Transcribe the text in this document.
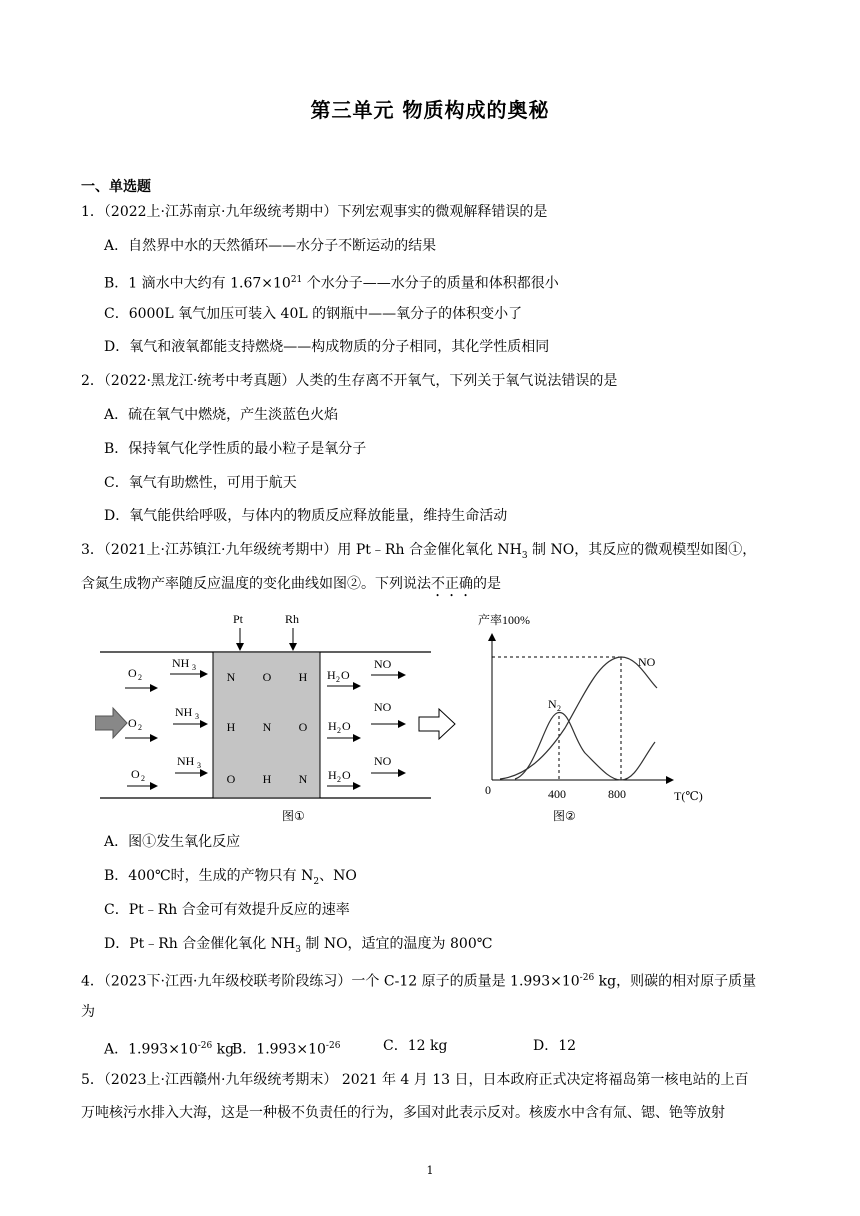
第三单元 物质构成的奥秘
一、单选题
1．（2022上·江苏南京·九年级统考期中）下列宏观事实的微观解释错误的是
A．自然界中水的天然循环——水分子不断运动的结果
B．1 滴水中大约有 $1.67\times 10^{21}$ 个水分子——水分子的质量和体积都很小
C．6000L 氧气加压可装入 40L 的钢瓶中——氧分子的体积变小了
D．氧气和液氧都能支持燃烧——构成物质的分子相同，其化学性质相同
2．（2022·黑龙江·统考中考真题）人类的生存离不开氧气，下列关于氧气说法错误的是
A．硫在氧气中燃烧，产生淡蓝色火焰
B．保持氧气化学性质的最小粒子是氧分子
C．氧气有助燃性，可用于航天
D．氧气能供给呼吸，与体内的物质反应释放能量，维持生命活动
3．（2021上·江苏镇江·九年级统考期中）用 Pt﹣Rh 合金催化氧化 $NH_3$ 制 NO，其反应的微观模型如图①，
含氮生成物产率随反应温度的变化曲线如图②。下列说法不正确的是
Pt	Rh
O 2
O 2
O 2
NH 3
NH 3
NH 3
N O H
H N O
O H N
H 2 O
H 2 O
H 2 O
NO
NO
NO
图①
产率100%
0	400	800	T(℃)
N 2
NO
图②
A．图①发生氧化反应
B．400℃时，生成的产物只有 $N_2$、NO
C．Pt﹣Rh 合金可有效提升反应的速率
D．Pt﹣Rh 合金催化氧化 $NH_3$ 制 NO，适宜的温度为 800℃
4．（2023下·江西·九年级校联考阶段练习）一个 C-12 原子的质量是 $1.993\times 10^{-26}$ kg，则碳的相对原子质量
为
A．$1.993\times 10^{-26}$ kg
B．$1.993\times 10^{-26}$	C．12 kg	D．12
5．（2023上·江西赣州·九年级统考期末） 2021 年 4 月 13 日，日本政府正式决定将福岛第一核电站的上百
万吨核污水排入大海，这是一种极不负责任的行为，多国对此表示反对。核废水中含有氚、锶、铯等放射
1
